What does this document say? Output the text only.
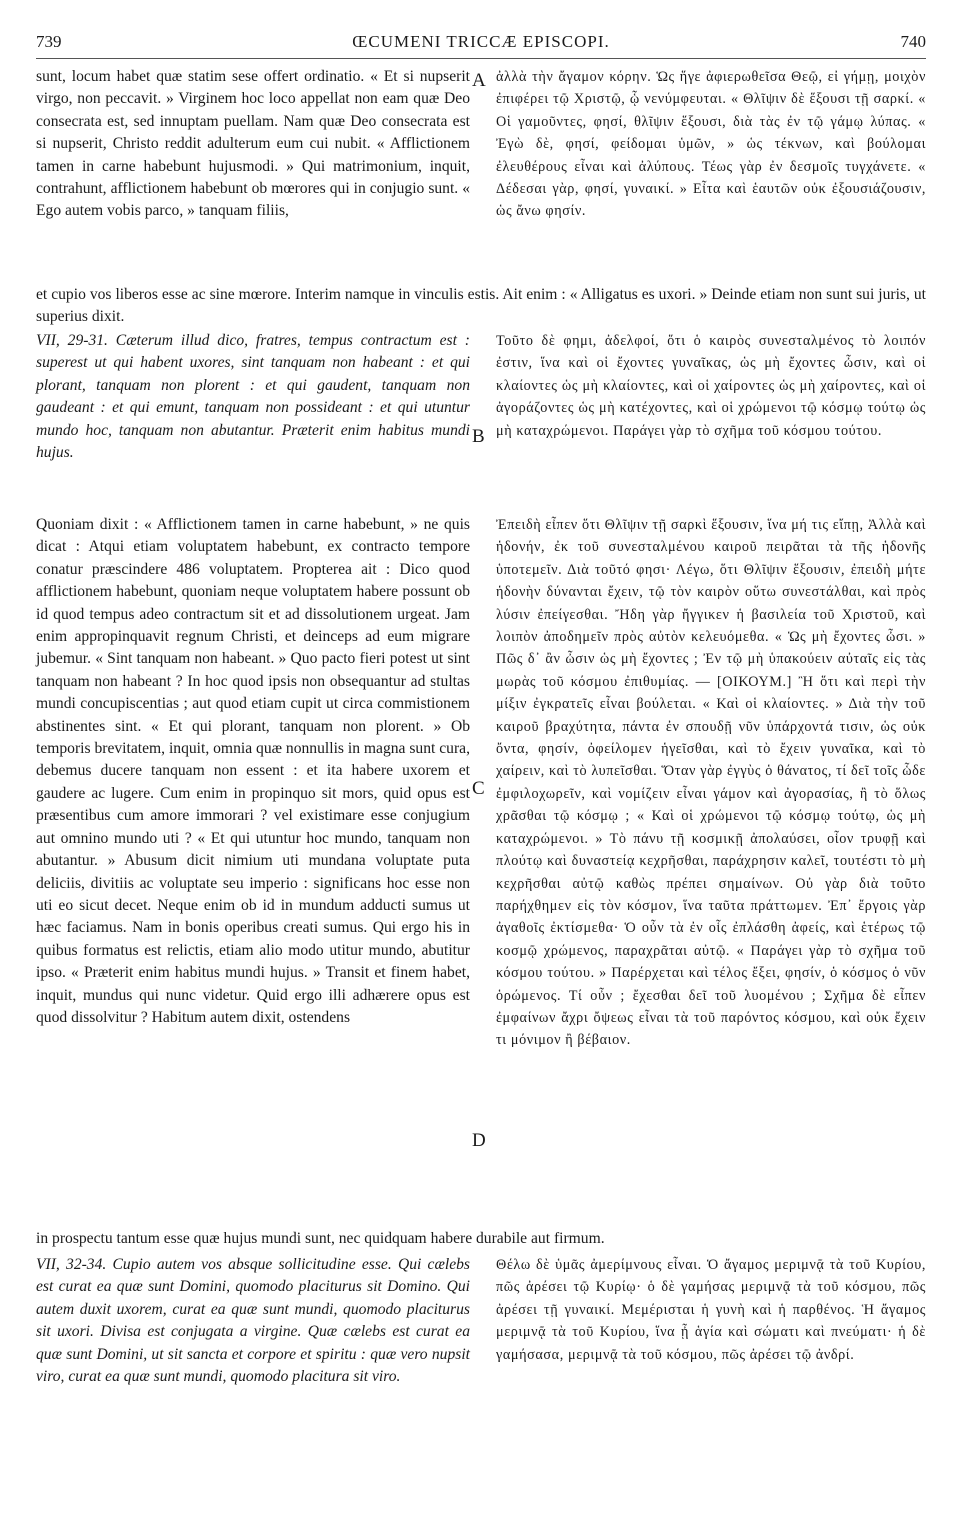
739	ŒCUMENI TRICCÆ EPISCOPI.	740

sunt, locum habet quæ statim sese offert ordinatio. « Et si nupserit virgo, non peccavit. » Virginem hoc loco appellat non eam quæ Deo consecrata est, sed innuptam puellam. Nam quæ Deo consecrata est si nupserit, Christo reddit adulterum eum cui nubit. « Afflictionem tamen in carne habebunt hujusmodi. » Qui matrimonium, inquit, contrahunt, afflictionem habebunt ob mœrores qui in conjugio sunt. « Ego autem vobis parco, » tanquam filiis,

ἀλλὰ τὴν ἄγαμον κόρην. Ὡς ἥγε ἀφιερωθεῖσα Θεῷ, εἰ γήμῃ, μοιχὸν ἐπιφέρει τῷ Χριστῷ, ᾧ νενύμφευται. « Θλῖψιν δὲ ἕξουσι τῇ σαρκί. « Οἱ γαμοῦντες, φησί, θλῖψιν ἕξουσι, διὰ τὰς ἐν τῷ γάμῳ λύπας. « Ἐγὼ δὲ, φησί, φείδομαι ὑμῶν, » ὡς τέκνων, καὶ βούλομαι ἐλευθέρους εἶναι καὶ ἀλύπους. Τέως γὰρ ἐν δεσμοῖς τυγχάνετε. « Δέδεσαι γὰρ, φησί, γυναικί. » Εἶτα καὶ ἑαυτῶν οὐκ ἐξουσιάζουσιν, ὡς ἄνω φησίν.

et cupio vos liberos esse ac sine mœrore. Interim namque in vinculis estis. Ait enim : « Alligatus es uxori. » Deinde etiam non sunt sui juris, ut superius dixit.

VII, 29-31. Cæterum illud dico, fratres, tempus contractum est : superest ut qui habent uxores, sint tanquam non habeant : et qui plorant, tanquam non plorent : et qui gaudent, tanquam non gaudeant : et qui emunt, tanquam non possideant : et qui utuntur mundo hoc, tanquam non abutantur. Præterit enim habitus mundi hujus.

Τοῦτο δὲ φημι, ἀδελφοί, ὅτι ὁ καιρὸς συνεσταλμένος τὸ λοιπόν ἐστιν, ἵνα καὶ οἱ ἔχοντες γυναῖκας, ὡς μὴ ἔχοντες ὦσιν, καὶ οἱ κλαίοντες ὡς μὴ κλαίοντες, καὶ οἱ χαίροντες ὡς μὴ χαίροντες, καὶ οἱ ἀγοράζοντες ὡς μὴ κατέχοντες, καὶ οἱ χρώμενοι τῷ κόσμῳ τούτῳ ὡς μὴ καταχρώμενοι. Παράγει γὰρ τὸ σχῆμα τοῦ κόσμου τούτου.

Quoniam dixit : « Afflictionem tamen in carne habebunt, » ne quis dicat : Atqui etiam voluptatem habebunt, ex contracto tempore conatur præscindere 486 voluptatem. Propterea ait : Dico quod afflictionem habebunt, quoniam neque voluptatem habere possunt ob id quod tempus adeo contractum sit et ad dissolutionem urgeat. Jam enim appropinquavit regnum Christi, et deinceps ad eum migrare jubemur. « Sint tanquam non habeant. » Quo pacto fieri potest ut sint tanquam non habeant ? In hoc quod ipsis non obsequantur ad stultas mundi concupiscentias ; aut quod etiam cupit ut circa commistionem abstinentes sint. « Et qui plorant, tanquam non plorent. » Ob temporis brevitatem, inquit, omnia quæ nonnullis in magna sunt cura, debemus ducere tanquam non essent : et ita habere uxorem et gaudere ac lugere. Cum enim in propinquo sit mors, quid opus est præsentibus cum amore immorari ? vel existimare esse conjugium aut omnino mundo uti ? « Et qui utuntur hoc mundo, tanquam non abutantur. » Abusum dicit nimium uti mundana voluptate puta deliciis, divitiis ac voluptate seu imperio : significans hoc esse non uti eo sicut decet. Neque enim ob id in mundum adducti sumus ut hæc faciamus. Nam in bonis operibus creati sumus. Qui ergo his in quibus formatus est relictis, etiam alio modo utitur mundo, abutitur ipso. « Præterit enim habitus mundi hujus. » Transit et finem habet, inquit, mundus qui nunc videtur. Quid ergo illi adhærere opus est quod dissolvitur ? Habitum autem dixit, ostendens

Ἐπειδὴ εἶπεν ὅτι Θλῖψιν τῇ σαρκὶ ἕξουσιν, ἵνα μή τις εἴπῃ, Ἀλλὰ καὶ ἡδονήν, ἐκ τοῦ συνεσταλμένου καιροῦ πειρᾶται τὰ τῆς ἡδονῆς ὑποτεμεῖν. Διὰ τοῦτό φησι· Λέγω, ὅτι Θλῖψιν ἕξουσιν, ἐπειδὴ μήτε ἡδονὴν δύνανται ἔχειν, τῷ τὸν καιρὸν οὕτω συνεστάλθαι, καὶ πρὸς λύσιν ἐπείγεσθαι. Ἤδη γὰρ ἤγγικεν ἡ βασιλεία τοῦ Χριστοῦ, καὶ λοιπὸν ἀποδημεῖν πρὸς αὐτὸν κελευόμεθα. « Ὡς μὴ ἔχοντες ὦσι. » Πῶς δ᾽ ἂν ὦσιν ὡς μὴ ἔχοντες ; Ἐν τῷ μὴ ὑπακούειν αὐταῖς εἰς τὰς μωρὰς τοῦ κόσμου ἐπιθυμίας. — [ΟΙΚΟΥΜ.] Ἢ ὅτι καὶ περὶ τὴν μίξιν ἐγκρατεῖς εἶναι βούλεται. « Καὶ οἱ κλαίοντες. » Διὰ τὴν τοῦ καιροῦ βραχύτητα, πάντα ἐν σπουδῇ νῦν ὑπάρχοντά τισιν, ὡς οὐκ ὄντα, φησίν, ὀφείλομεν ἡγεῖσθαι, καὶ τὸ ἔχειν γυναῖκα, καὶ τὸ χαίρειν, καὶ τὸ λυπεῖσθαι. Ὅταν γὰρ ἐγγὺς ὁ θάνατος, τί δεῖ τοῖς ὧδε ἐμφιλοχωρεῖν, καὶ νομίζειν εἶναι γάμον καὶ ἀγορασίας, ἢ τὸ ὅλως χρᾶσθαι τῷ κόσμῳ ; « Καὶ οἱ χρώμενοι τῷ κόσμῳ τούτῳ, ὡς μὴ καταχρώμενοι. » Τὸ πάνυ τῇ κοσμικῇ ἀπολαύσει, οἷον τρυφῇ καὶ πλούτῳ καὶ δυναστείᾳ κεχρῆσθαι, παράχρησιν καλεῖ, τουτέστι τὸ μὴ κεχρῆσθαι αὐτῷ καθὼς πρέπει σημαίνων. Οὐ γὰρ διὰ τοῦτο παρήχθημεν εἰς τὸν κόσμον, ἵνα ταῦτα πράττωμεν. Ἐπ᾽ ἔργοις γὰρ ἀγαθοῖς ἐκτίσμεθα· Ὁ οὖν τὰ ἐν οἷς ἐπλάσθη ἀφείς, καὶ ἑτέρως τῷ κοσμῷ χρώμενος, παραχρᾶται αὐτῷ. « Παράγει γὰρ τὸ σχῆμα τοῦ κόσμου τούτου. » Παρέρχεται καὶ τέλος ἔξει, φησίν, ὁ κόσμος ὁ νῦν ὁρώμενος. Τί οὖν ; ἔχεσθαι δεῖ τοῦ λυομένου ; Σχῆμα δὲ εἶπεν ἐμφαίνων ἄχρι ὄψεως εἶναι τὰ τοῦ παρόντος κόσμου, καὶ οὐκ ἔχειν τι μόνιμον ἢ βέβαιον.

in prospectu tantum esse quæ hujus mundi sunt, nec quidquam habere durabile aut firmum.

VII, 32-34. Cupio autem vos absque sollicitudine esse. Qui cælebs est curat ea quæ sunt Domini, quomodo placiturus sit Domino. Qui autem duxit uxorem, curat ea quæ sunt mundi, quomodo placiturus sit uxori. Divisa est conjugata a virgine. Quæ cælebs est curat ea quæ sunt Domini, ut sit sancta et corpore et spiritu : quæ vero nupsit viro, curat ea quæ sunt mundi, quomodo placitura sit viro.

Θέλω δὲ ὑμᾶς ἀμερίμνους εἶναι. Ὁ ἄγαμος μεριμνᾷ τὰ τοῦ Κυρίου, πῶς ἀρέσει τῷ Κυρίῳ· ὁ δὲ γαμήσας μεριμνᾷ τὰ τοῦ κόσμου, πῶς ἀρέσει τῇ γυναικί. Μεμέρισται ἡ γυνὴ καὶ ἡ παρθένος. Ἡ ἄγαμος μεριμνᾷ τὰ τοῦ Κυρίου, ἵνα ᾖ ἁγία καὶ σώματι καὶ πνεύματι· ἡ δὲ γαμήσασα, μεριμνᾷ τὰ τοῦ κόσμου, πῶς ἀρέσει τῷ ἀνδρί.

A
B
C
D
